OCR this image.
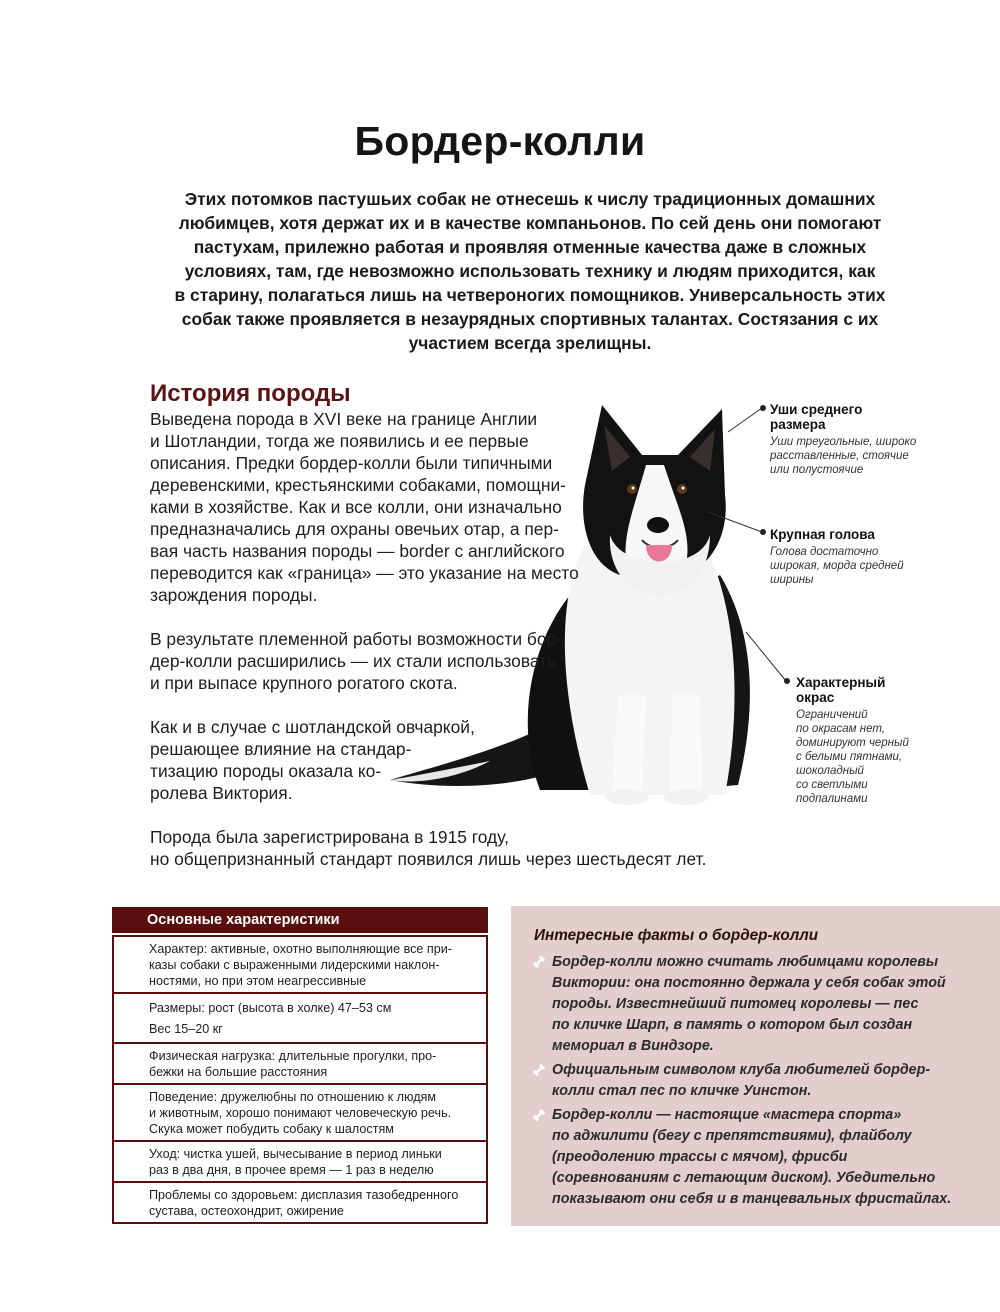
Бордер-колли
Этих потомков пастушьих собак не отнесешь к числу традиционных домашних
любимцев, хотя держат их и в качестве компаньонов. По сей день они помогают
пастухам, прилежно работая и проявляя отменные качества даже в сложных
условиях, там, где невозможно использовать технику и людям приходится, как
в старину, полагаться лишь на четвероногих помощников. Универсальность этих
собак также проявляется в незаурядных спортивных талантах. Состязания с их
участием всегда зрелищны.
История породы
Выведена порода в XVI веке на границе Англии
и Шотландии, тогда же появились и ее первые
описания. Предки бордер-колли были типичными
деревенскими, крестьянскими собаками, помощни-
ками в хозяйстве. Как и все колли, они изначально
предназначались для охраны овечьих отар, а пер-
вая часть названия породы — border с английского
переводится как «граница» — это указание на место
зарождения породы.
В результате племенной работы возможности бор-
дер-колли расширились — их стали использовать
и при выпасе крупного рогатого скота.
Как и в случае с шотландской овчаркой,
решающее влияние на стандар-
тизацию породы оказала ко-
ролева Виктория.
Порода была зарегистрирована в 1915 году,
но общепризнанный стандарт появился лишь через шестьдесят лет.
Уши среднего
размера
Уши треугольные, широко
расставленные, стоячие
или полустоячие
Крупная голова
Голова достаточно
широкая, морда средней
ширины
Характерный
окрас
Ограничений
по окрасам нет,
доминируют черный
с белыми пятнами,
шоколадный
со светлыми
подпалинами
Основные характеристики
Характер: активные, охотно выполняющие все при-
казы собаки с выраженными лидерскими наклон-
ностями, но при этом неагрессивные
Размеры: рост (высота в холке) 47–53 см
Вес 15–20 кг
Физическая нагрузка: длительные прогулки, про-
бежки на большие расстояния
Поведение: дружелюбны по отношению к людям
и животным, хорошо понимают человеческую речь.
Скука может побудить собаку к шалостям
Уход: чистка ушей, вычесывание в период линьки
раз в два дня, в прочее время — 1 раз в неделю
Проблемы со здоровьем: дисплазия тазобедренного
сустава, остеохондрит, ожирение
Интересные факты о бордер-колли
Бордер-колли можно считать любимцами королевы
Виктории: она постоянно держала у себя собак этой
породы. Известнейший питомец королевы — пес
по кличке Шарп, в память о котором был создан
мемориал в Виндзоре.
Официальным символом клуба любителей бордер-
колли стал пес по кличке Уинстон.
Бордер-колли — настоящие «мастера спорта»
по аджилити (бегу с препятствиями), флайболу
(преодолению трассы с мячом), фрисби
(соревнованиям с летающим диском). Убедительно
показывают они себя и в танцевальных фристайлах.
